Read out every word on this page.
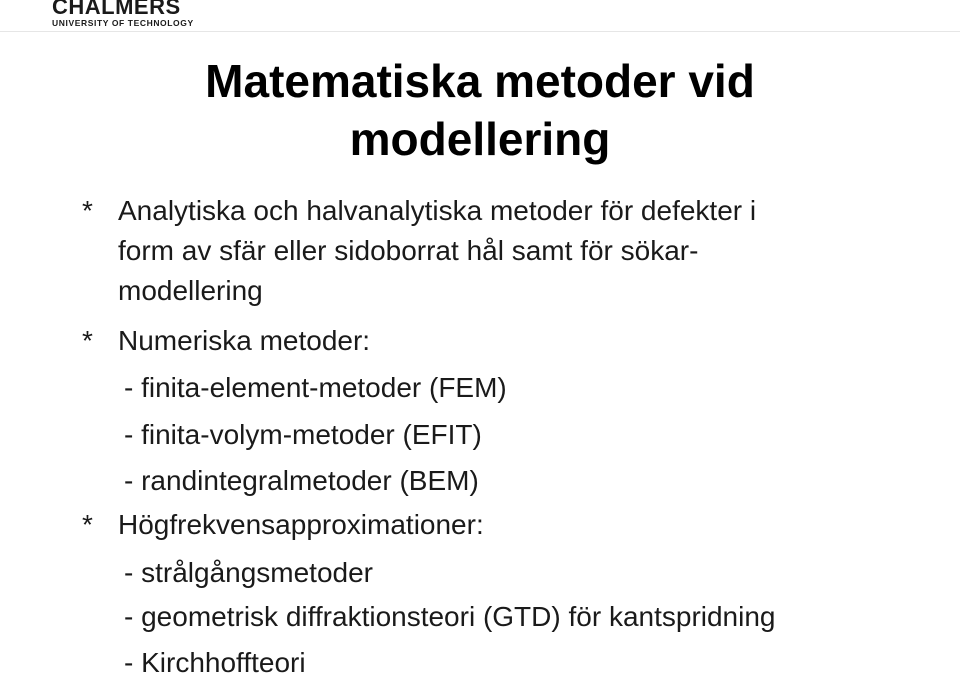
CHALMERS
UNIVERSITY OF TECHNOLOGY
Matematiska metoder vid
modellering
* Analytiska och halvanalytiska metoder för defekter i
form av sfär eller sidoborrat hål samt för sökar-
modellering
* Numeriska metoder:
- finita-element-metoder (FEM)
- finita-volym-metoder (EFIT)
- randintegralmetoder (BEM)
* Högfrekvensapproximationer:
- strålgångsmetoder
- geometrisk diffraktionsteori (GTD) för kantspridning
- Kirchhoffteori
